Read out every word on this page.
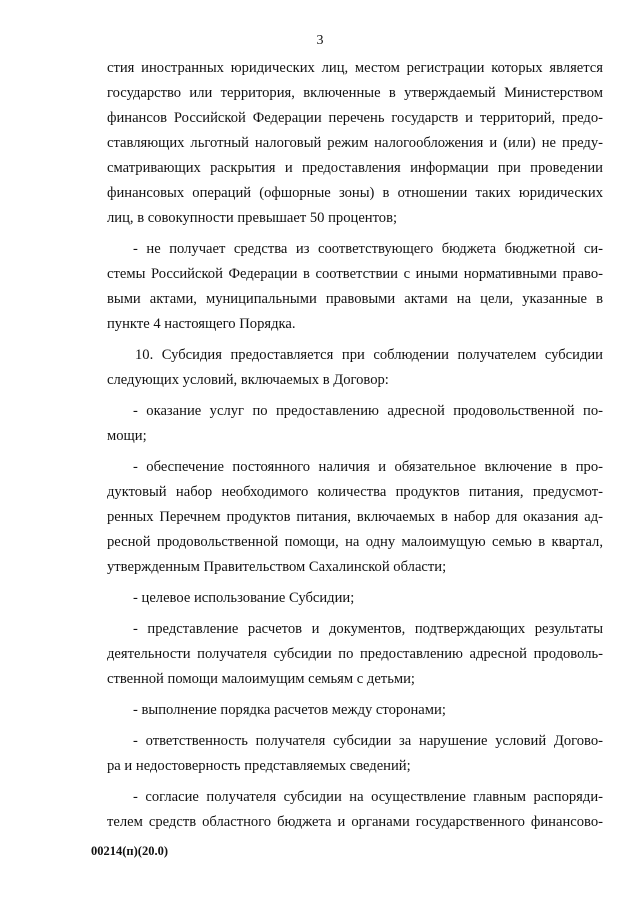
3
стия иностранных юридических лиц, местом регистрации которых является
государство или территория, включенные в утверждаемый Министерством
финансов Российской Федерации перечень государств и территорий, предо-
ставляющих льготный налоговый режим налогообложения и (или) не преду-
сматривающих раскрытия и предоставления информации при проведении
финансовых операций (офшорные зоны) в отношении таких юридических
лиц, в совокупности превышает 50 процентов;
- не получает средства из соответствующего бюджета бюджетной си-
стемы Российской Федерации в соответствии с иными нормативными право-
выми актами, муниципальными правовыми актами на цели, указанные в
пункте 4 настоящего Порядка.
10. Субсидия предоставляется при соблюдении получателем субсидии
следующих условий, включаемых в Договор:
- оказание услуг по предоставлению адресной продовольственной по-
мощи;
- обеспечение постоянного наличия и обязательное включение в про-
дуктовый набор необходимого количества продуктов питания, предусмот-
ренных Перечнем продуктов питания, включаемых в набор для оказания ад-
ресной продовольственной помощи, на одну малоимущую семью в квартал,
утвержденным Правительством Сахалинской области;
- целевое использование Субсидии;
- представление расчетов и документов, подтверждающих результаты
деятельности получателя субсидии по предоставлению адресной продоволь-
ственной помощи малоимущим семьям с детьми;
- выполнение порядка расчетов между сторонами;
- ответственность получателя субсидии за нарушение условий Догово-
ра и недостоверность представляемых сведений;
- согласие получателя субсидии на осуществление главным распоряди-
телем средств областного бюджета и органами государственного финансово-
00214(п)(20.0)
